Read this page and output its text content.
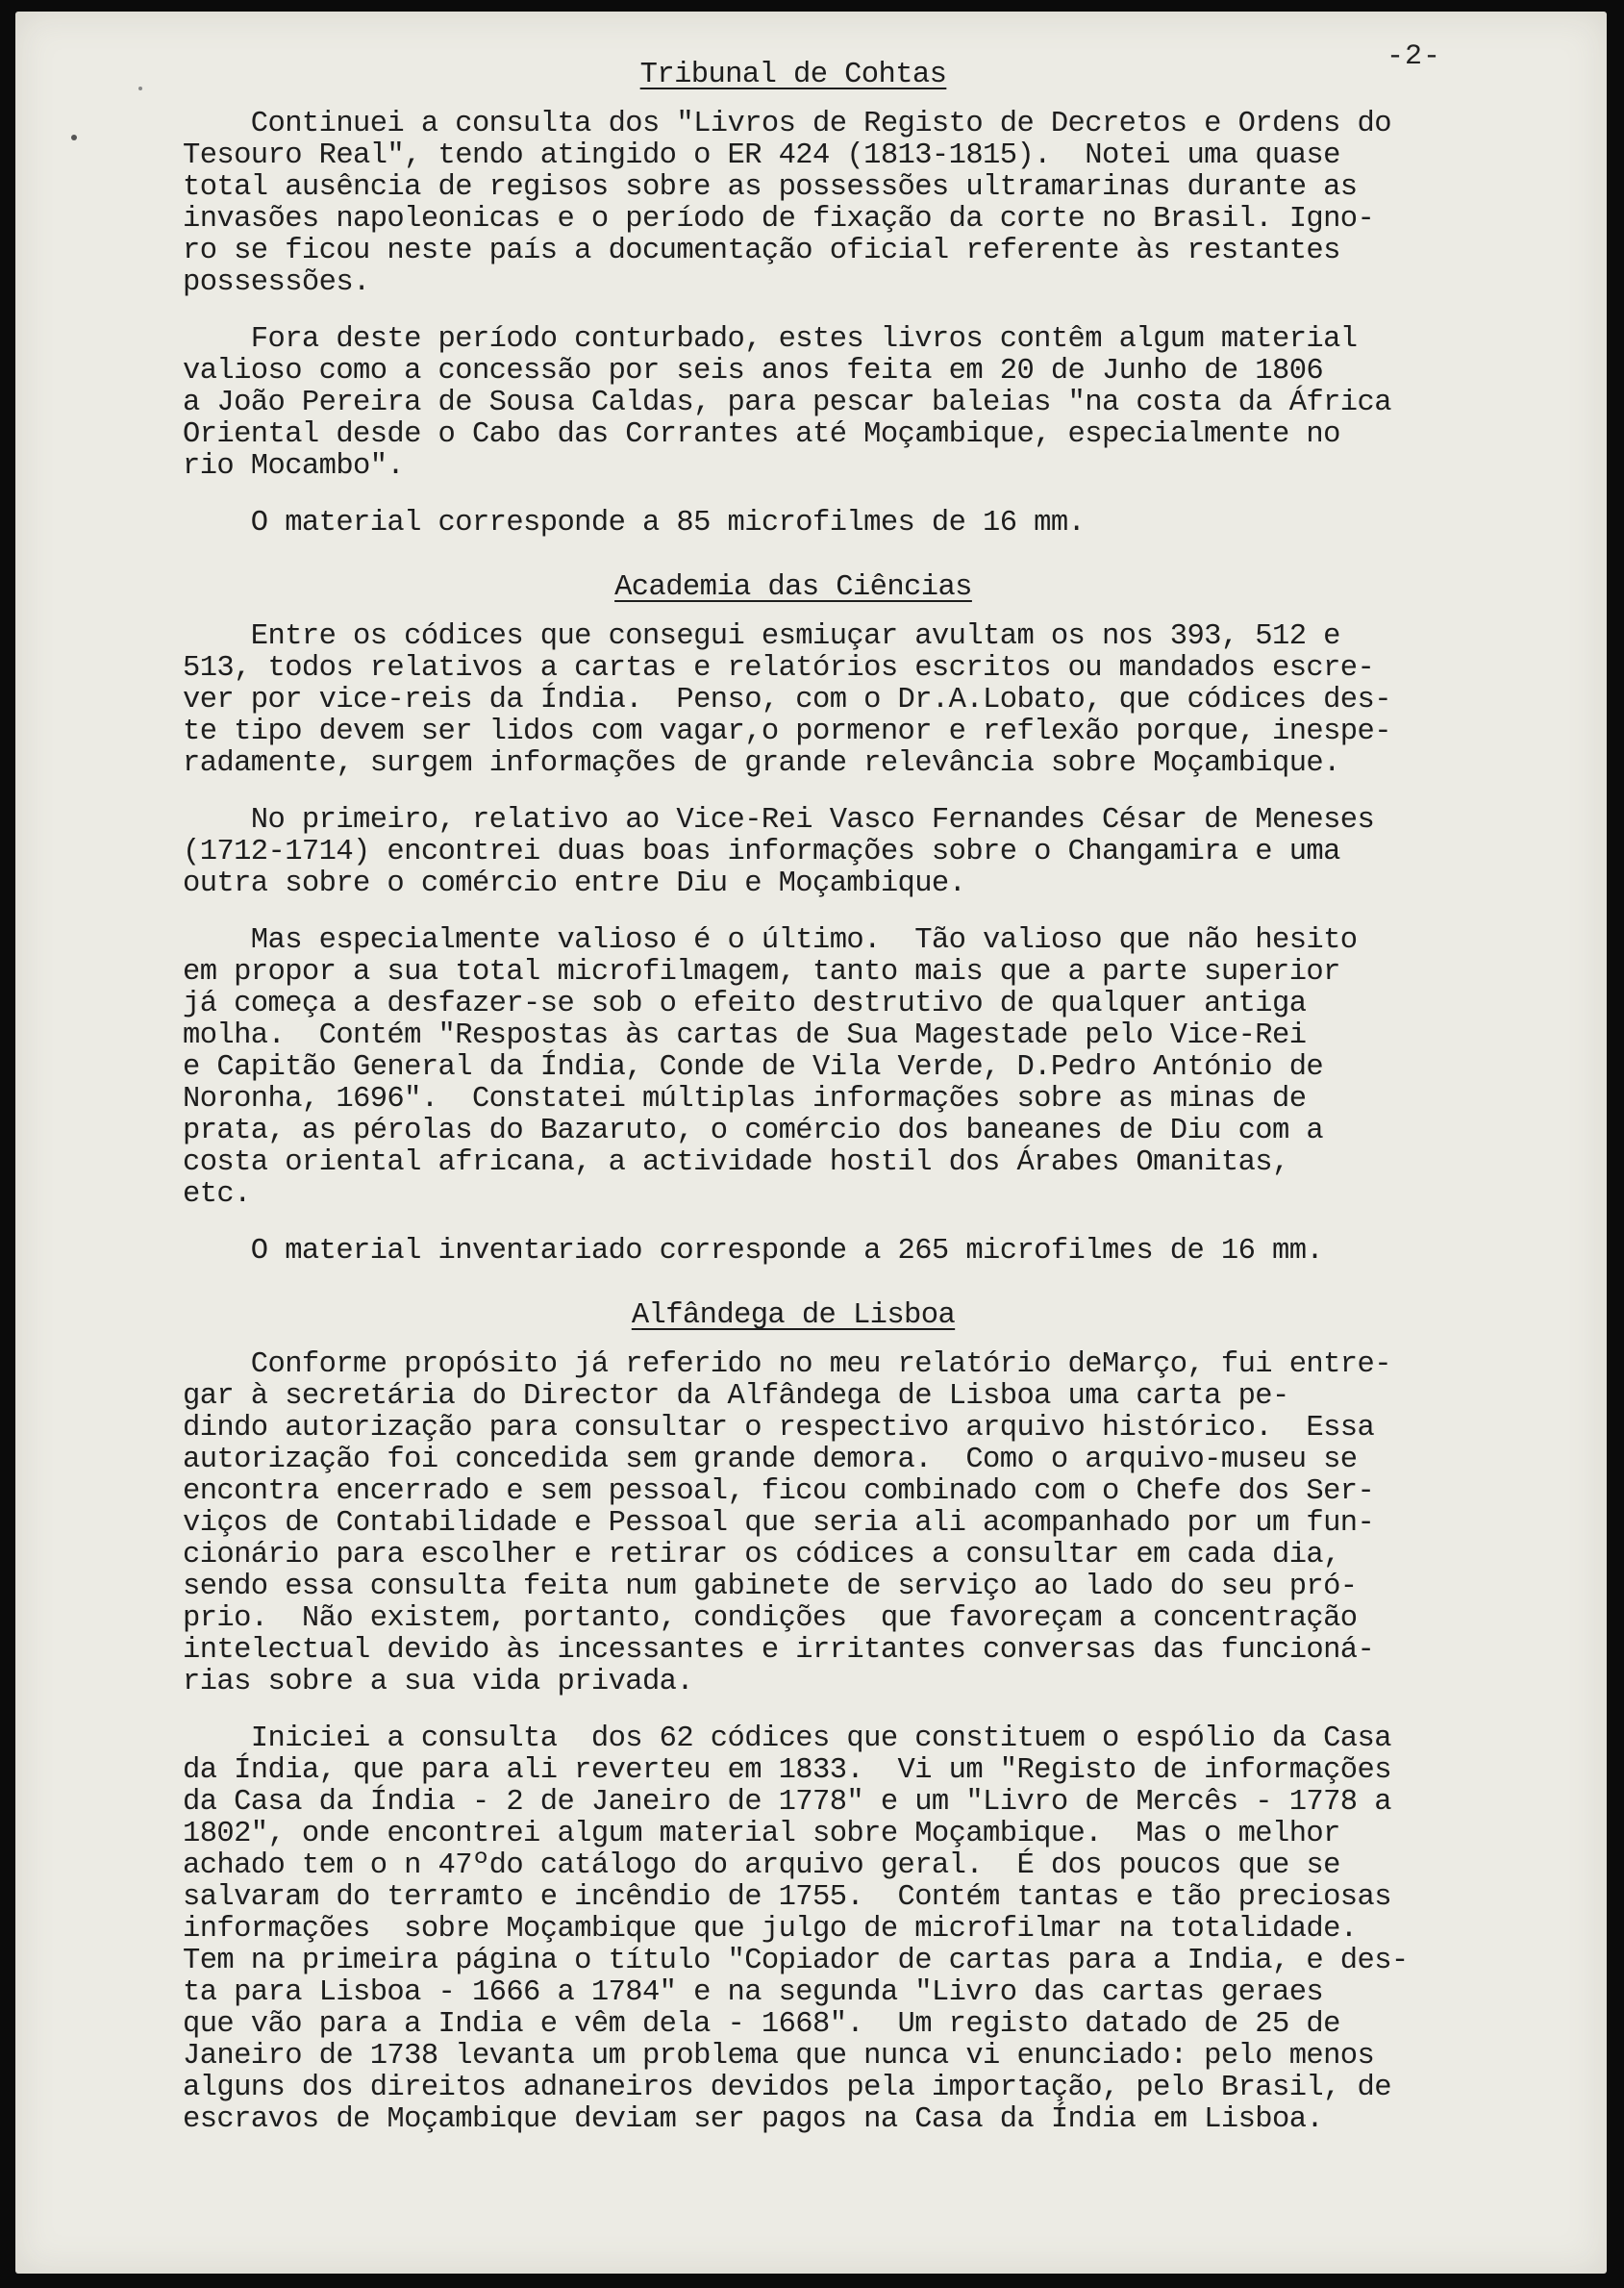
-2-
Tribunal de Cohtas
Continuei a consulta dos "Livros de Registo de Decretos e Ordens do
Tesouro Real", tendo atingido o ER 424 (1813-1815).  Notei uma quase
total ausência de regisos sobre as possessões ultramarinas durante as
invasões napoleonicas e o período de fixação da corte no Brasil. Igno-
ro se ficou neste país a documentação oficial referente às restantes
possessões.
Fora deste período conturbado, estes livros contêm algum material
valioso como a concessão por seis anos feita em 20 de Junho de 1806
a João Pereira de Sousa Caldas, para pescar baleias "na costa da África
Oriental desde o Cabo das Corrantes até Moçambique, especialmente no
rio Mocambo".
O material corresponde a 85 microfilmes de 16 mm.
Academia das Ciências
Entre os códices que consegui esmiuçar avultam os nos 393, 512 e
513, todos relativos a cartas e relatórios escritos ou mandados escre-
ver por vice-reis da Índia.  Penso, com o Dr.A.Lobato, que códices des-
te tipo devem ser lidos com vagar,o pormenor e reflexão porque, inespe-
radamente, surgem informações de grande relevância sobre Moçambique.
No primeiro, relativo ao Vice-Rei Vasco Fernandes César de Meneses
(1712-1714) encontrei duas boas informações sobre o Changamira e uma
outra sobre o comércio entre Diu e Moçambique.
Mas especialmente valioso é o último.  Tão valioso que não hesito
em propor a sua total microfilmagem, tanto mais que a parte superior
já começa a desfazer-se sob o efeito destrutivo de qualquer antiga
molha.  Contém "Respostas às cartas de Sua Magestade pelo Vice-Rei
e Capitão General da Índia, Conde de Vila Verde, D.Pedro António de
Noronha, 1696".  Constatei múltiplas informações sobre as minas de
prata, as pérolas do Bazaruto, o comércio dos baneanes de Diu com a
costa oriental africana, a actividade hostil dos Árabes Omanitas,
etc.
O material inventariado corresponde a 265 microfilmes de 16 mm.
Alfândega de Lisboa
Conforme propósito já referido no meu relatório deMarço, fui entre-
gar à secretária do Director da Alfândega de Lisboa uma carta pe-
dindo autorização para consultar o respectivo arquivo histórico.  Essa
autorização foi concedida sem grande demora.  Como o arquivo-museu se
encontra encerrado e sem pessoal, ficou combinado com o Chefe dos Ser-
viços de Contabilidade e Pessoal que seria ali acompanhado por um fun-
cionário para escolher e retirar os códices a consultar em cada dia,
sendo essa consulta feita num gabinete de serviço ao lado do seu pró-
prio.  Não existem, portanto, condições  que favoreçam a concentração
intelectual devido às incessantes e irritantes conversas das funcioná-
rias sobre a sua vida privada.
Iniciei a consulta  dos 62 códices que constituem o espólio da Casa
da Índia, que para ali reverteu em 1833.  Vi um "Registo de informações
da Casa da Índia - 2 de Janeiro de 1778" e um "Livro de Mercês - 1778 a
1802", onde encontrei algum material sobre Moçambique.  Mas o melhor
achado tem o n 47ºdo catálogo do arquivo geral.  É dos poucos que se
salvaram do terramto e incêndio de 1755.  Contém tantas e tão preciosas
informações  sobre Moçambique que julgo de microfilmar na totalidade.
Tem na primeira página o título "Copiador de cartas para a India, e des-
ta para Lisboa - 1666 a 1784" e na segunda "Livro das cartas geraes
que vão para a India e vêm dela - 1668".  Um registo datado de 25 de
Janeiro de 1738 levanta um problema que nunca vi enunciado: pelo menos
alguns dos direitos adnaneiros devidos pela importação, pelo Brasil, de
escravos de Moçambique deviam ser pagos na Casa da Índia em Lisboa.
